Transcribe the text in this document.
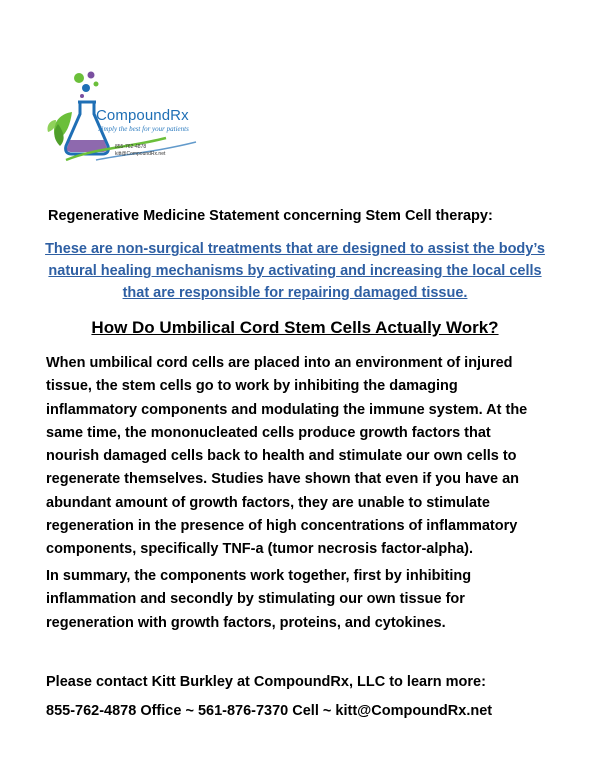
CompoundRx
Simply the best for your patients
855-762-4878
kitt@CompoundRx.net
Regenerative Medicine Statement concerning Stem Cell therapy:
These are non-surgical treatments that are designed to assist the body’s natural healing mechanisms by activating and increasing the local cells that are responsible for repairing damaged tissue.
How Do Umbilical Cord Stem Cells Actually Work?
When umbilical cord cells are placed into an environment of injured tissue, the stem cells go to work by inhibiting the damaging inflammatory components and modulating the immune system. At the same time, the mononucleated cells produce growth factors that nourish damaged cells back to health and stimulate our own cells to regenerate themselves. Studies have shown that even if you have an abundant amount of growth factors, they are unable to stimulate regeneration in the presence of high concentrations of inflammatory components, specifically TNF-a (tumor necrosis factor-alpha).
In summary, the components work together, first by inhibiting inflammation and secondly by stimulating our own tissue for regeneration with growth factors, proteins, and cytokines.
Please contact Kitt Burkley at CompoundRx, LLC to learn more:
855-762-4878 Office ~ 561-876-7370 Cell ~ kitt@CompoundRx.net
